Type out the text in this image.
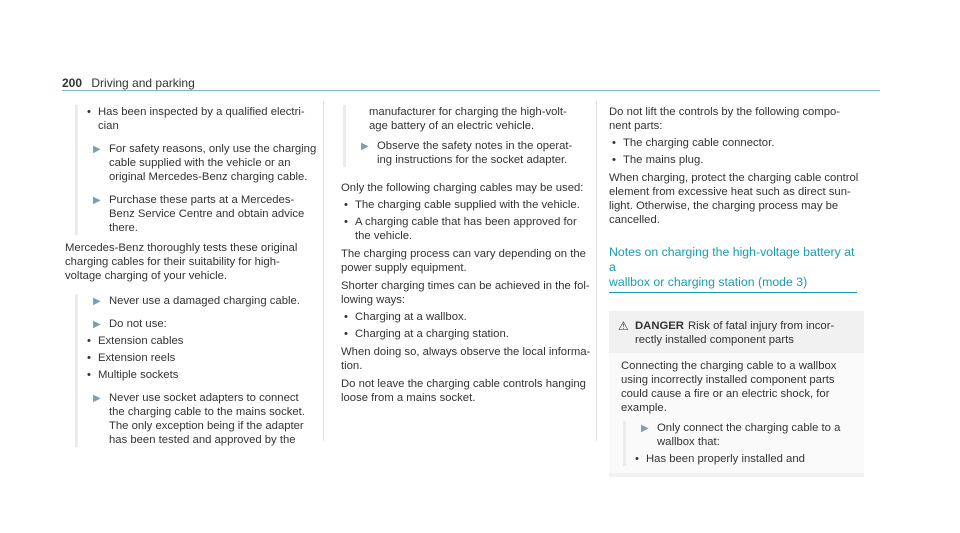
200 Driving and parking
• Has been inspected by a qualified electri-
cian
▶ For safety reasons, only use the charging
cable supplied with the vehicle or an
original Mercedes-Benz charging cable.
▶ Purchase these parts at a Mercedes-
Benz Service Centre and obtain advice
there.
Mercedes-Benz thoroughly tests these original
charging cables for their suitability for high-
voltage charging of your vehicle.
▶ Never use a damaged charging cable.
▶ Do not use:
• Extension cables
• Extension reels
• Multiple sockets
▶ Never use socket adapters to connect
the charging cable to the mains socket.
The only exception being if the adapter
has been tested and approved by the
manufacturer for charging the high-volt-
age battery of an electric vehicle.
▶ Observe the safety notes in the operat-
ing instructions for the socket adapter.

Only the following charging cables may be used:

• The charging cable supplied with the vehicle.
• A charging cable that has been approved for
the vehicle.
The charging process can vary depending on the
power supply equipment.
Shorter charging times can be achieved in the fol-
lowing ways:
• Charging at a wallbox.
• Charging at a charging station.
When doing so, always observe the local informa-
tion.
Do not leave the charging cable controls hanging
loose from a mains socket.
Do not lift the controls by the following compo-
nent parts:
• The charging cable connector.
• The mains plug.
When charging, protect the charging cable control
element from excessive heat such as direct sun-
light. Otherwise, the charging process may be
cancelled.
Notes on charging the high-voltage battery at a
wallbox or charging station (mode 3)
⚠ DANGER Risk of fatal injury from incor-
rectly installed component parts
Connecting the charging cable to a wallbox
using incorrectly installed component parts
could cause a fire or an electric shock, for
example.
▶ Only connect the charging cable to a
wallbox that:
• Has been properly installed and
